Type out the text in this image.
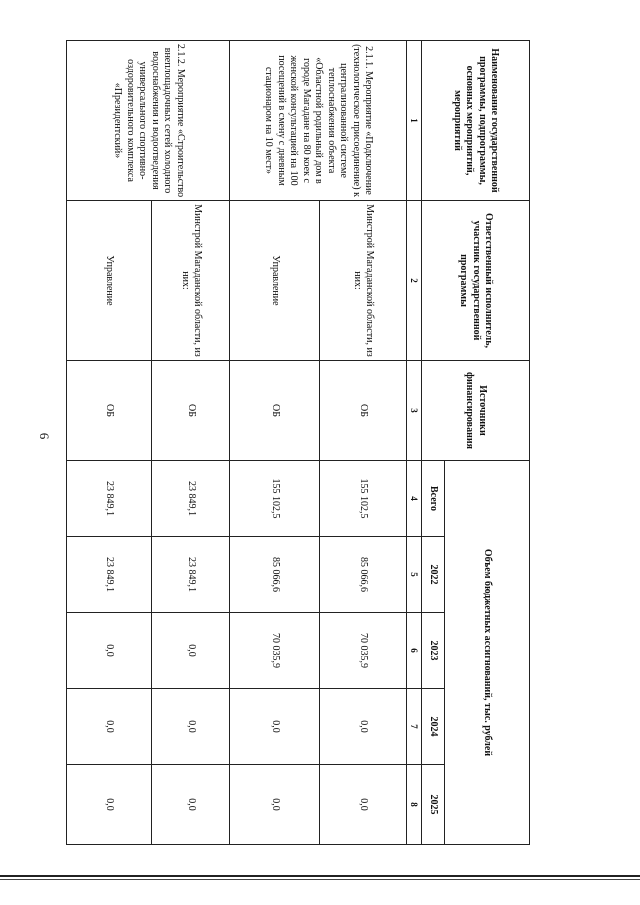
6
Наименование государственной программы, подпрограммы, основных мероприятий, мероприятий	Ответственный исполнитель, участник государственной программы	Источники финансирования	Объем бюджетных ассигнований, тыс. рублей				
			Всего	2022	2023	2024	2025
1	2	3	4	5	6	7	8
2.1.1. Мероприятие «Подключение (технологическое присоединение) к централизованной системе теплоснабжения объекта «Областной родильный дом в городе Магадане на 80 коек с женской консультацией на 100 посещений в смену с дневным стационаром на 10 мест»	Минстрой Магаданской области, из них:	ОБ	155 102,5	85 066,6	70 035,9	0,0	0,0
	Управление	ОБ	155 102,5	85 066,6	70 035,9	0,0	0,0
2.1.2. Мероприятие «Строительство внеплощадочных сетей холодного водоснабжения и водоотведения универсального спортивно-оздоровительного комплекса «Президентский»	Минстрой Магаданской области, из них:	ОБ	23 849,1	23 849,1	0,0	0,0	0,0
	Управление	ОБ	23 849,1	23 849,1	0,0	0,0	0,0
